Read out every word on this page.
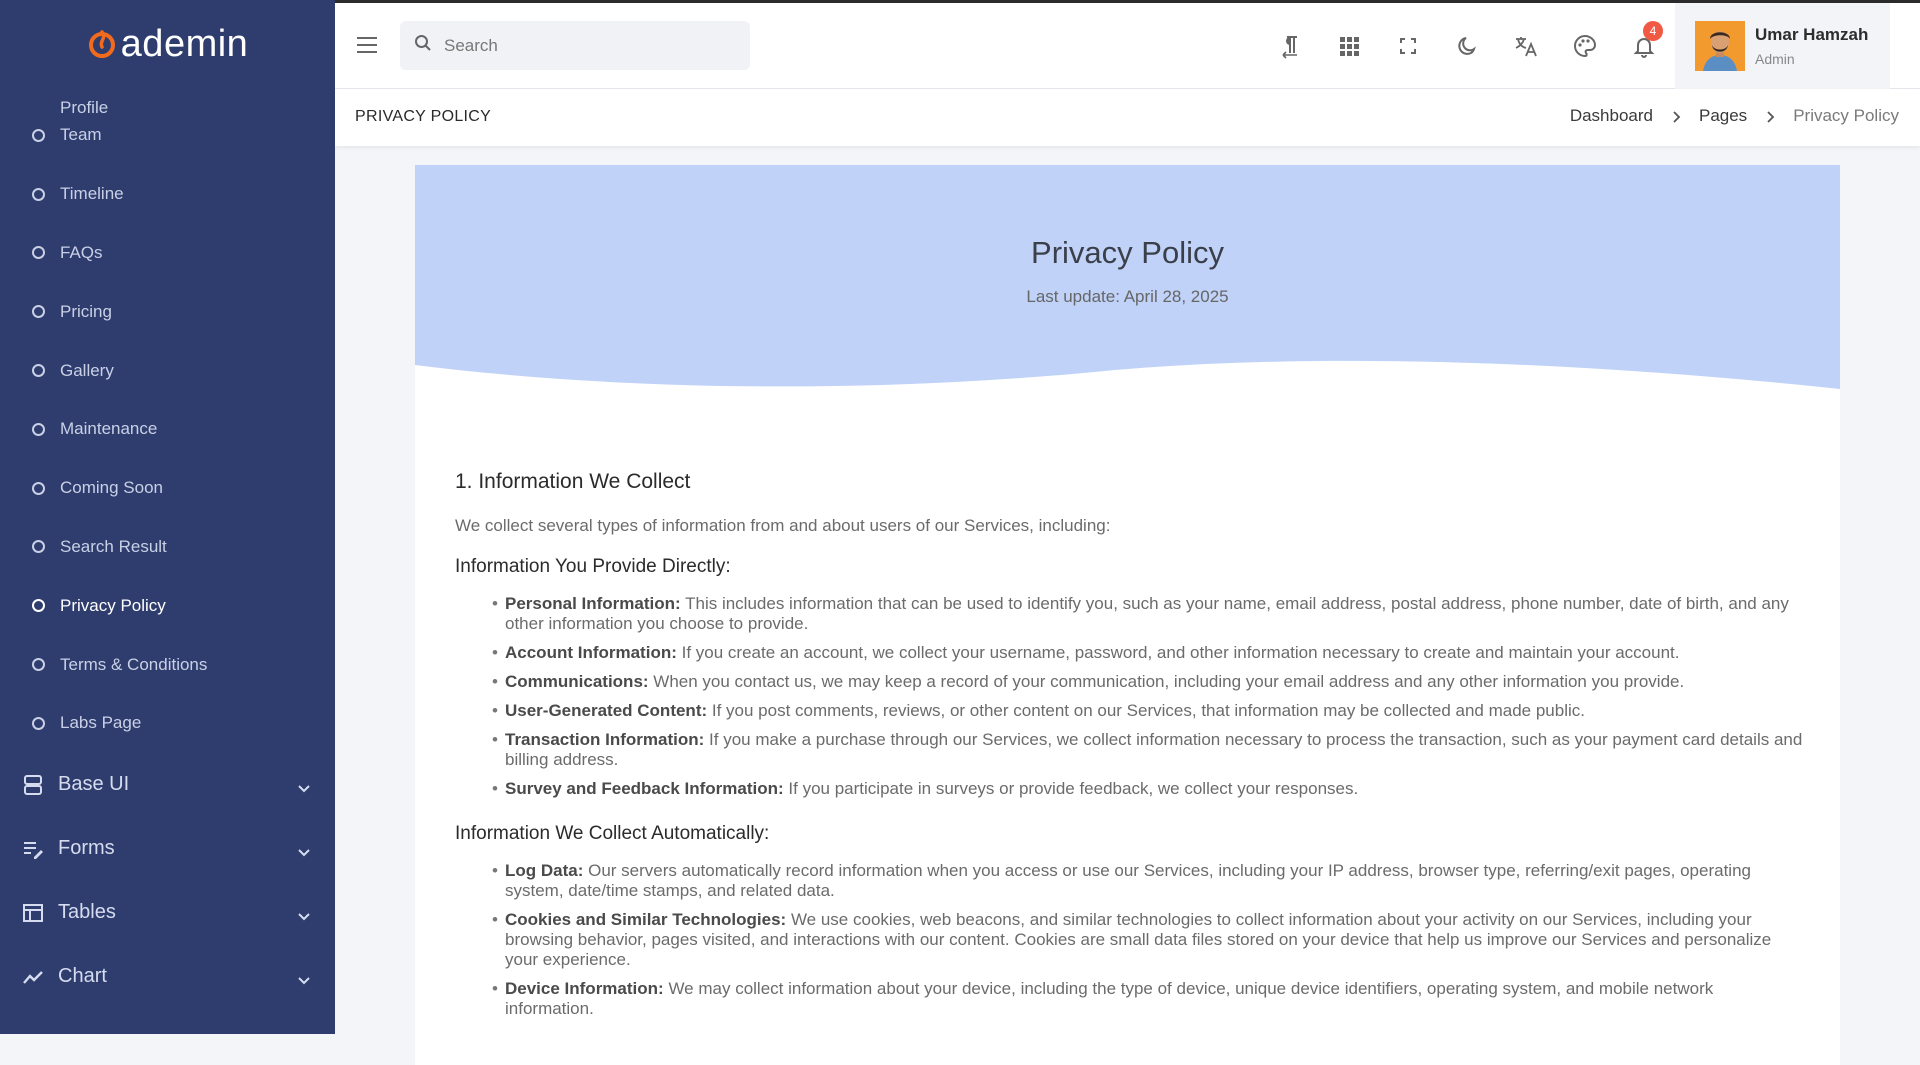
ademin
Profile
Team
Timeline
FAQs
Pricing
Gallery
Maintenance
Coming Soon
Search Result
Privacy Policy
Terms & Conditions
Labs Page
Base UI
Forms
Tables
Chart
Search
4	Umar Hamzah
Admin
PRIVACY POLICY	Dashboard	Pages	Privacy Policy
Privacy Policy
Last update: April 28, 2025
1. Information We Collect
We collect several types of information from and about users of our Services, including:
Information You Provide Directly:
• Personal Information: This includes information that can be used to identify you, such as your name, email address, postal address, phone number, date of birth, and any other information you choose to provide.
• Account Information: If you create an account, we collect your username, password, and other information necessary to create and maintain your account.
• Communications: When you contact us, we may keep a record of your communication, including your email address and any other information you provide.
• User-Generated Content: If you post comments, reviews, or other content on our Services, that information may be collected and made public.
• Transaction Information: If you make a purchase through our Services, we collect information necessary to process the transaction, such as your payment card details and billing address.
• Survey and Feedback Information: If you participate in surveys or provide feedback, we collect your responses.
Information We Collect Automatically:
• Log Data: Our servers automatically record information when you access or use our Services, including your IP address, browser type, referring/exit pages, operating system, date/time stamps, and related data.
• Cookies and Similar Technologies: We use cookies, web beacons, and similar technologies to collect information about your activity on our Services, including your browsing behavior, pages visited, and interactions with our content. Cookies are small data files stored on your device that help us improve our Services and personalize your experience.
• Device Information: We may collect information about your device, including the type of device, unique device identifiers, operating system, and mobile network information.
